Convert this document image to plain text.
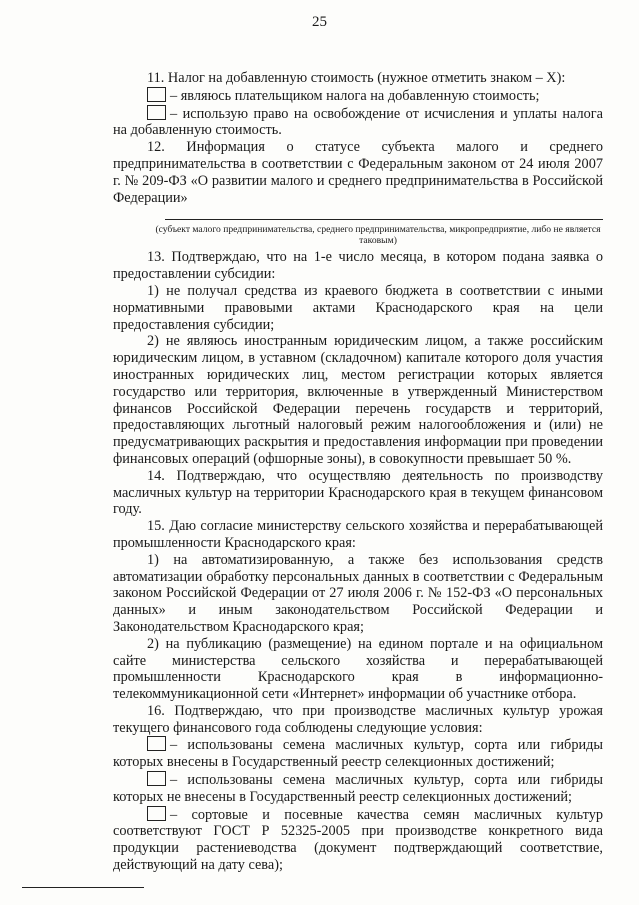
25

11. Налог на добавленную стоимость (нужное отметить знаком – Х):

– являюсь плательщиком налога на добавленную стоимость;

– использую право на освобождение от исчисления и уплаты налога на добавленную стоимость.

12. Информация о статусе субъекта малого и среднего предпринимательства в соответствии с Федеральным законом от 24 июля 2007 г. № 209-ФЗ «О развитии малого и среднего предпринимательства в Российской Федерации»

(субъект малого предпринимательства, среднего предпринимательства, микропредприятие, либо не является таковым)

13. Подтверждаю, что на 1-е число месяца, в котором подана заявка о предоставлении субсидии:

1) не получал средства из краевого бюджета в соответствии с иными нормативными правовыми актами Краснодарского края на цели предоставления субсидии;

2) не являюсь иностранным юридическим лицом, а также российским юридическим лицом, в уставном (складочном) капитале которого доля участия иностранных юридических лиц, местом регистрации которых является государство или территория, включенные в утвержденный Министерством финансов Российской Федерации перечень государств и территорий, предоставляющих льготный налоговый режим налогообложения и (или) не предусматривающих раскрытия и предоставления информации при проведении финансовых операций (офшорные зоны), в совокупности превышает 50 %.

14. Подтверждаю, что осуществляю деятельность по производству масличных культур на территории Краснодарского края в текущем финансовом году.

15. Даю согласие министерству сельского хозяйства и перерабатывающей промышленности Краснодарского края:

1) на автоматизированную, а также без использования средств автоматизации обработку персональных данных в соответствии с Федеральным законом Российской Федерации от 27 июля 2006 г. № 152-ФЗ «О персональных данных» и иным законодательством Российской Федерации и Законодательством Краснодарского края;

2) на публикацию (размещение) на едином портале и на официальном сайте министерства сельского хозяйства и перерабатывающей промышленности Краснодарского края в информационно-телекоммуникационной сети «Интернет» информации об участнике отбора.

16. Подтверждаю, что при производстве масличных культур урожая текущего финансового года соблюдены следующие условия:

– использованы семена масличных культур, сорта или гибриды которых внесены в Государственный реестр селекционных достижений;

– использованы семена масличных культур, сорта или гибриды которых не внесены в Государственный реестр селекционных достижений;

– сортовые и посевные качества семян масличных культур соответствуют ГОСТ Р 52325-2005 при производстве конкретного вида продукции растениеводства (документ подтверждающий соответствие, действующий на дату сева);
